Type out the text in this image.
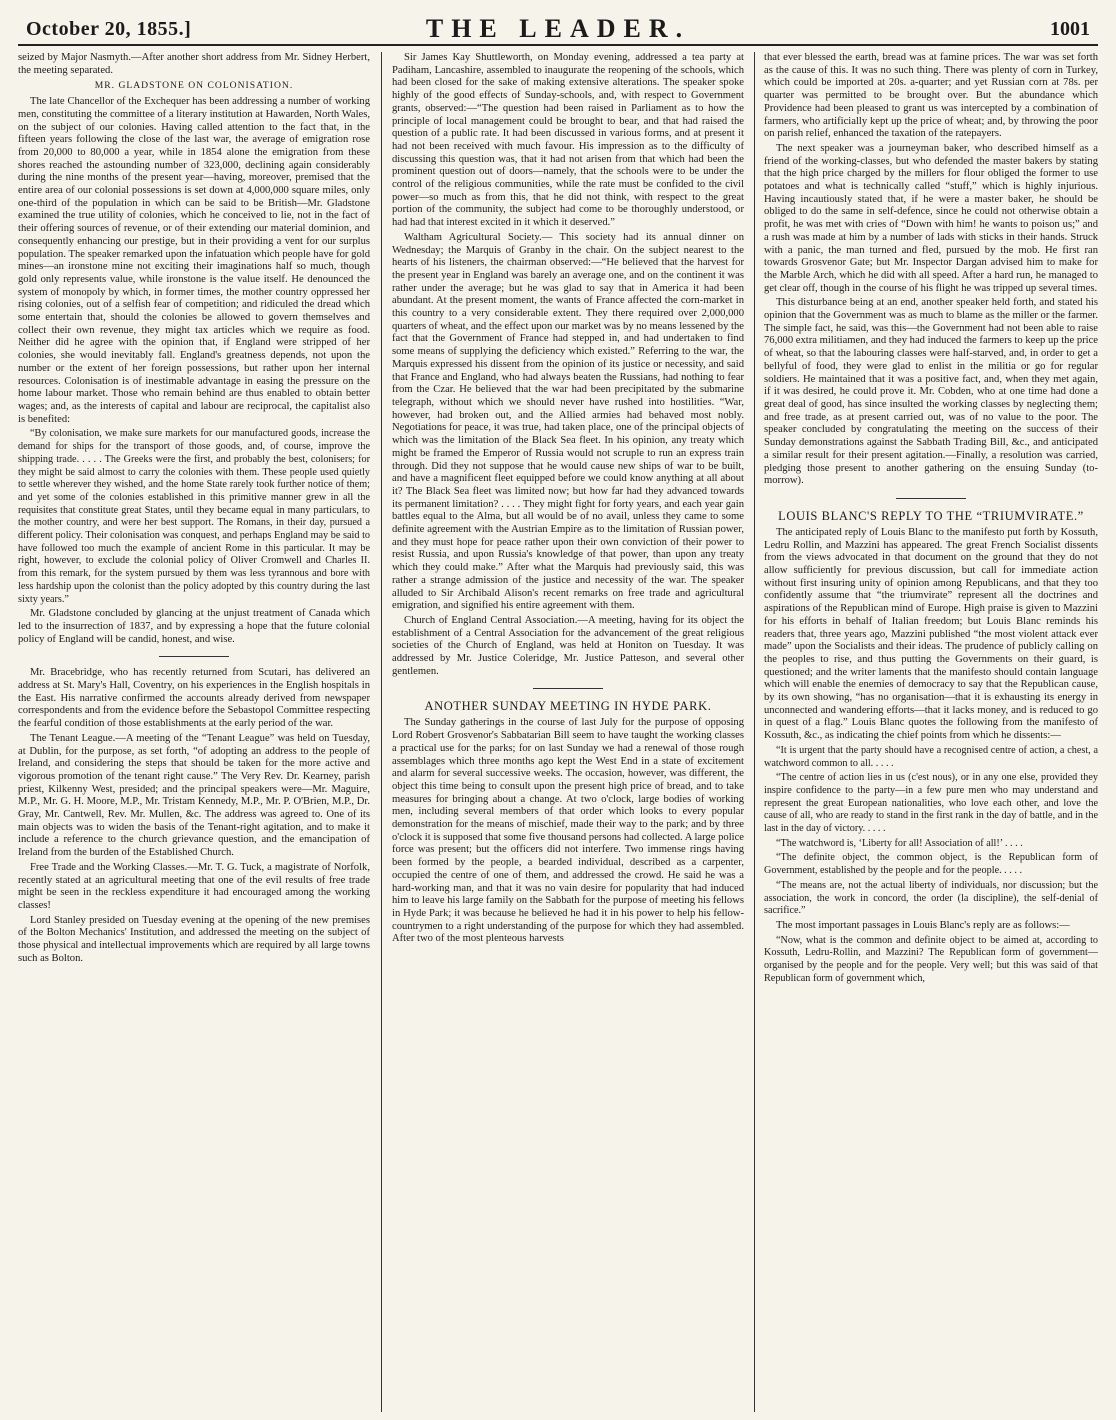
October 20, 1855.]	THE LEADER.	1001

seized by Major Nasmyth.—After another short address from Mr. Sidney Herbert, the meeting separated.

MR. GLADSTONE ON COLONISATION.

The late Chancellor of the Exchequer has been addressing a number of working men, constituting the committee of a literary institution at Hawarden, North Wales, on the subject of our colonies. Having called attention to the fact that, in the fifteen years following the close of the last war, the average of emigration rose from 20,000 to 80,000 a year, while in 1854 alone the emigration from these shores reached the astounding number of 323,000, declining again considerably during the nine months of the present year—having, moreover, premised that the entire area of our colonial possessions is set down at 4,000,000 square miles, only one-third of the population in which can be said to be British—Mr. Gladstone examined the true utility of colonies, which he conceived to lie, not in the fact of their offering sources of revenue, or of their extending our material dominion, and consequently enhancing our prestige, but in their providing a vent for our surplus population. The speaker remarked upon the infatuation which people have for gold mines—an ironstone mine not exciting their imaginations half so much, though gold only represents value, while ironstone is the value itself. He denounced the system of monopoly by which, in former times, the mother country oppressed her rising colonies, out of a selfish fear of competition; and ridiculed the dread which some entertain that, should the colonies be allowed to govern themselves and collect their own revenue, they might tax articles which we require as food. Neither did he agree with the opinion that, if England were stripped of her colonies, she would inevitably fall. England's greatness depends, not upon the number or the extent of her foreign possessions, but rather upon her internal resources. Colonisation is of inestimable advantage in easing the pressure on the home labour market. Those who remain behind are thus enabled to obtain better wages; and, as the interests of capital and labour are reciprocal, the capitalist also is benefited:

“By colonisation, we make sure markets for our manufactured goods, increase the demand for ships for the transport of those goods, and, of course, improve the shipping trade. . . . . The Greeks were the first, and probably the best, colonisers; for they might be said almost to carry the colonies with them. These people used quietly to settle wherever they wished, and the home State rarely took further notice of them; and yet some of the colonies established in this primitive manner grew in all the requisites that constitute great States, until they became equal in many particulars, to the mother country, and were her best support. The Romans, in their day, pursued a different policy. Their colonisation was conquest, and perhaps England may be said to have followed too much the example of ancient Rome in this particular. It may be right, however, to exclude the colonial policy of Oliver Cromwell and Charles II. from this remark, for the system pursued by them was less tyrannous and bore with less hardship upon the colonist than the policy adopted by this country during the last sixty years.”

Mr. Gladstone concluded by glancing at the unjust treatment of Canada which led to the insurrection of 1837, and by expressing a hope that the future colonial policy of England will be candid, honest, and wise.

Mr. Bracebridge, who has recently returned from Scutari, has delivered an address at St. Mary's Hall, Coventry, on his experiences in the English hospitals in the East. His narrative confirmed the accounts already derived from newspaper correspondents and from the evidence before the Sebastopol Committee respecting the fearful condition of those establishments at the early period of the war.

The Tenant League.—A meeting of the “Tenant League” was held on Tuesday, at Dublin, for the purpose, as set forth, “of adopting an address to the people of Ireland, and considering the steps that should be taken for the more active and vigorous promotion of the tenant right cause.” The Very Rev. Dr. Kearney, parish priest, Kilkenny West, presided; and the principal speakers were—Mr. Maguire, M.P., Mr. G. H. Moore, M.P., Mr. Tristam Kennedy, M.P., Mr. P. O'Brien, M.P., Dr. Gray, Mr. Cantwell, Rev. Mr. Mullen, &c. The address was agreed to. One of its main objects was to widen the basis of the Tenant-right agitation, and to make it include a reference to the church grievance question, and the emancipation of Ireland from the burden of the Established Church.

Free Trade and the Working Classes.—Mr. T. G. Tuck, a magistrate of Norfolk, recently stated at an agricultural meeting that one of the evil results of free trade might be seen in the reckless expenditure it had encouraged among the working classes!

Lord Stanley presided on Tuesday evening at the opening of the new premises of the Bolton Mechanics' Institution, and addressed the meeting on the subject of those physical and intellectual improvements which are required by all large towns such as Bolton.

Sir James Kay Shuttleworth, on Monday evening, addressed a tea party at Padiham, Lancashire, assembled to inaugurate the reopening of the schools, which had been closed for the sake of making extensive alterations. The speaker spoke highly of the good effects of Sunday-schools, and, with respect to Government grants, observed:—“The question had been raised in Parliament as to how the principle of local management could be brought to bear, and that had raised the question of a public rate. It had been discussed in various forms, and at present it had not been received with much favour. His impression as to the difficulty of discussing this question was, that it had not arisen from that which had been the prominent question out of doors—namely, that the schools were to be under the control of the religious communities, while the rate must be confided to the civil power—so much as from this, that he did not think, with respect to the great portion of the community, the subject had come to be thoroughly understood, or had had that interest excited in it which it deserved.”

Waltham Agricultural Society.— This society had its annual dinner on Wednesday; the Marquis of Granby in the chair. On the subject nearest to the hearts of his listeners, the chairman observed:—“He believed that the harvest for the present year in England was barely an average one, and on the continent it was rather under the average; but he was glad to say that in America it had been abundant. At the present moment, the wants of France affected the corn-market in this country to a very considerable extent. They there required over 2,000,000 quarters of wheat, and the effect upon our market was by no means lessened by the fact that the Government of France had stepped in, and had undertaken to find some means of supplying the deficiency which existed.” Referring to the war, the Marquis expressed his dissent from the opinion of its justice or necessity, and said that France and England, who had always beaten the Russians, had nothing to fear from the Czar. He believed that the war had been precipitated by the submarine telegraph, without which we should never have rushed into hostilities. “War, however, had broken out, and the Allied armies had behaved most nobly. Negotiations for peace, it was true, had taken place, one of the principal objects of which was the limitation of the Black Sea fleet. In his opinion, any treaty which might be framed the Emperor of Russia would not scruple to run an express train through. Did they not suppose that he would cause new ships of war to be built, and have a magnificent fleet equipped before we could know anything at all about it? The Black Sea fleet was limited now; but how far had they advanced towards its permanent limitation? . . . . They might fight for forty years, and each year gain battles equal to the Alma, but all would be of no avail, unless they came to some definite agreement with the Austrian Empire as to the limitation of Russian power, and they must hope for peace rather upon their own conviction of their power to resist Russia, and upon Russia's knowledge of that power, than upon any treaty which they could make.” After what the Marquis had previously said, this was rather a strange admission of the justice and necessity of the war. The speaker alluded to Sir Archibald Alison's recent remarks on free trade and agricultural emigration, and signified his entire agreement with them.

Church of England Central Association.—A meeting, having for its object the establishment of a Central Association for the advancement of the great religious societies of the Church of England, was held at Honiton on Tuesday. It was addressed by Mr. Justice Coleridge, Mr. Justice Patteson, and several other gentlemen.

ANOTHER SUNDAY MEETING IN HYDE PARK.

The Sunday gatherings in the course of last July for the purpose of opposing Lord Robert Grosvenor's Sabbatarian Bill seem to have taught the working classes a practical use for the parks; for on last Sunday we had a renewal of those rough assemblages which three months ago kept the West End in a state of excitement and alarm for several successive weeks. The occasion, however, was different, the object this time being to consult upon the present high price of bread, and to take measures for bringing about a change. At two o'clock, large bodies of working men, including several members of that order which looks to every popular demonstration for the means of mischief, made their way to the park; and by three o'clock it is supposed that some five thousand persons had collected. A large police force was present; but the officers did not interfere. Two immense rings having been formed by the people, a bearded individual, described as a carpenter, occupied the centre of one of them, and addressed the crowd. He said he was a hard-working man, and that it was no vain desire for popularity that had induced him to leave his large family on the Sabbath for the purpose of meeting his fellows in Hyde Park; it was because he believed he had it in his power to help his fellow-countrymen to a right understanding of the purpose for which they had assembled. After two of the most plenteous harvests

that ever blessed the earth, bread was at famine prices. The war was set forth as the cause of this. It was no such thing. There was plenty of corn in Turkey, which could be imported at 20s. a-quarter; and yet Russian corn at 78s. per quarter was permitted to be brought over. But the abundance which Providence had been pleased to grant us was intercepted by a combination of farmers, who artificially kept up the price of wheat; and, by throwing the poor on parish relief, enhanced the taxation of the ratepayers.

The next speaker was a journeyman baker, who described himself as a friend of the working-classes, but who defended the master bakers by stating that the high price charged by the millers for flour obliged the former to use potatoes and what is technically called “stuff,” which is highly injurious. Having incautiously stated that, if he were a master baker, he should be obliged to do the same in self-defence, since he could not otherwise obtain a profit, he was met with cries of “Down with him! he wants to poison us;” and a rush was made at him by a number of lads with sticks in their hands. Struck with a panic, the man turned and fled, pursued by the mob. He first ran towards Grosvenor Gate; but Mr. Inspector Dargan advised him to make for the Marble Arch, which he did with all speed. After a hard run, he managed to get clear off, though in the course of his flight he was tripped up several times.

This disturbance being at an end, another speaker held forth, and stated his opinion that the Government was as much to blame as the miller or the farmer. The simple fact, he said, was this—the Government had not been able to raise 76,000 extra militiamen, and they had induced the farmers to keep up the price of wheat, so that the labouring classes were half-starved, and, in order to get a bellyful of food, they were glad to enlist in the militia or go for regular soldiers. He maintained that it was a positive fact, and, when they met again, if it was desired, he could prove it. Mr. Cobden, who at one time had done a great deal of good, has since insulted the working classes by neglecting them; and free trade, as at present carried out, was of no value to the poor. The speaker concluded by congratulating the meeting on the success of their Sunday demonstrations against the Sabbath Trading Bill, &c., and anticipated a similar result for their present agitation.—Finally, a resolution was carried, pledging those present to another gathering on the ensuing Sunday (to-morrow).

LOUIS BLANC'S REPLY TO THE “TRIUMVIRATE.”

The anticipated reply of Louis Blanc to the manifesto put forth by Kossuth, Ledru Rollin, and Mazzini has appeared. The great French Socialist dissents from the views advocated in that document on the ground that they do not allow sufficiently for previous discussion, but call for immediate action without first insuring unity of opinion among Republicans, and that they too confidently assume that “the triumvirate” represent all the doctrines and aspirations of the Republican mind of Europe. High praise is given to Mazzini for his efforts in behalf of Italian freedom; but Louis Blanc reminds his readers that, three years ago, Mazzini published “the most violent attack ever made” upon the Socialists and their ideas. The prudence of publicly calling on the peoples to rise, and thus putting the Governments on their guard, is questioned; and the writer laments that the manifesto should contain language which will enable the enemies of democracy to say that the Republican cause, by its own showing, “has no organisation—that it is exhausting its energy in unconnected and wandering efforts—that it lacks money, and is reduced to go in quest of a flag.” Louis Blanc quotes the following from the manifesto of Kossuth, &c., as indicating the chief points from which he dissents:—

“It is urgent that the party should have a recognised centre of action, a chest, a watchword common to all. . . . .

“The centre of action lies in us (c'est nous), or in any one else, provided they inspire confidence to the party—in a few pure men who may understand and represent the great European nationalities, who love each other, and love the cause of all, who are ready to stand in the first rank in the day of battle, and in the last in the day of victory. . . . .

“The watchword is, ‘Liberty for all! Association of all!’ . . . .

“The definite object, the common object, is the Republican form of Government, established by the people and for the people. . . . .

“The means are, not the actual liberty of individuals, nor discussion; but the association, the work in concord, the order (la discipline), the self-denial of sacrifice.”

The most important passages in Louis Blanc's reply are as follows:—

“Now, what is the common and definite object to be aimed at, according to Kossuth, Ledru-Rollin, and Mazzini? The Republican form of government—organised by the people and for the people. Very well; but this was said of that Republican form of government which,
